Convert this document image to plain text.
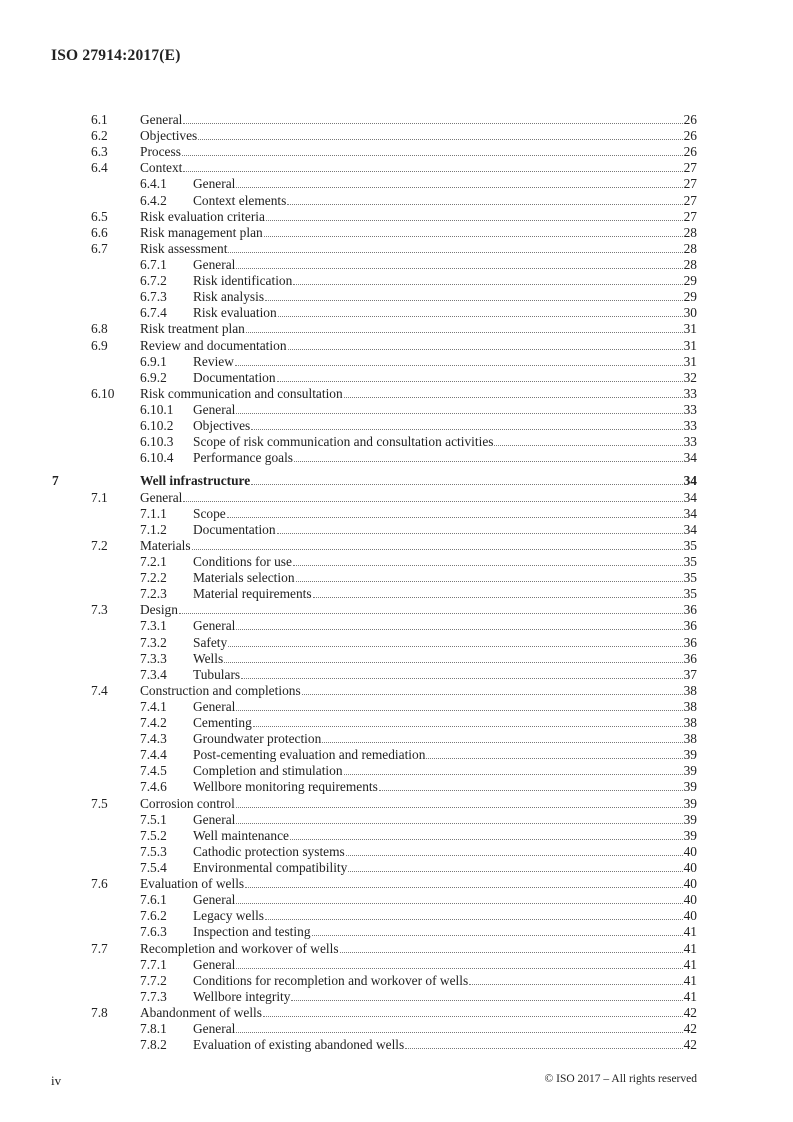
ISO 27914:2017(E)
6.1 General	26
6.2 Objectives	26
6.3 Process	26
6.4 Context	27
6.4.1 General	27
6.4.2 Context elements	27
6.5 Risk evaluation criteria	27
6.6 Risk management plan	28
6.7 Risk assessment	28
6.7.1 General	28
6.7.2 Risk identification	29
6.7.3 Risk analysis	29
6.7.4 Risk evaluation	30
6.8 Risk treatment plan	31
6.9 Review and documentation	31
6.9.1 Review	31
6.9.2 Documentation	32
6.10 Risk communication and consultation	33
6.10.1 General	33
6.10.2 Objectives	33
6.10.3 Scope of risk communication and consultation activities	33
6.10.4 Performance goals	34
7	Well infrastructure	34
7.1 General	34
7.1.1 Scope	34
7.1.2 Documentation	34
7.2 Materials	35
7.2.1 Conditions for use	35
7.2.2 Materials selection	35
7.2.3 Material requirements	35
7.3 Design	36
7.3.1 General	36
7.3.2 Safety	36
7.3.3 Wells	36
7.3.4 Tubulars	37
7.4 Construction and completions	38
7.4.1 General	38
7.4.2 Cementing	38
7.4.3 Groundwater protection	38
7.4.4 Post-cementing evaluation and remediation	39
7.4.5 Completion and stimulation	39
7.4.6 Wellbore monitoring requirements	39
7.5 Corrosion control	39
7.5.1 General	39
7.5.2 Well maintenance	39
7.5.3 Cathodic protection systems	40
7.5.4 Environmental compatibility	40
7.6 Evaluation of wells	40
7.6.1 General	40
7.6.2 Legacy wells	40
7.6.3 Inspection and testing	41
7.7 Recompletion and workover of wells	41
7.7.1 General	41
7.7.2 Conditions for recompletion and workover of wells	41
7.7.3 Wellbore integrity	41
7.8 Abandonment of wells	42
7.8.1 General	42
7.8.2 Evaluation of existing abandoned wells	42
iv	© ISO 2017 – All rights reserved
